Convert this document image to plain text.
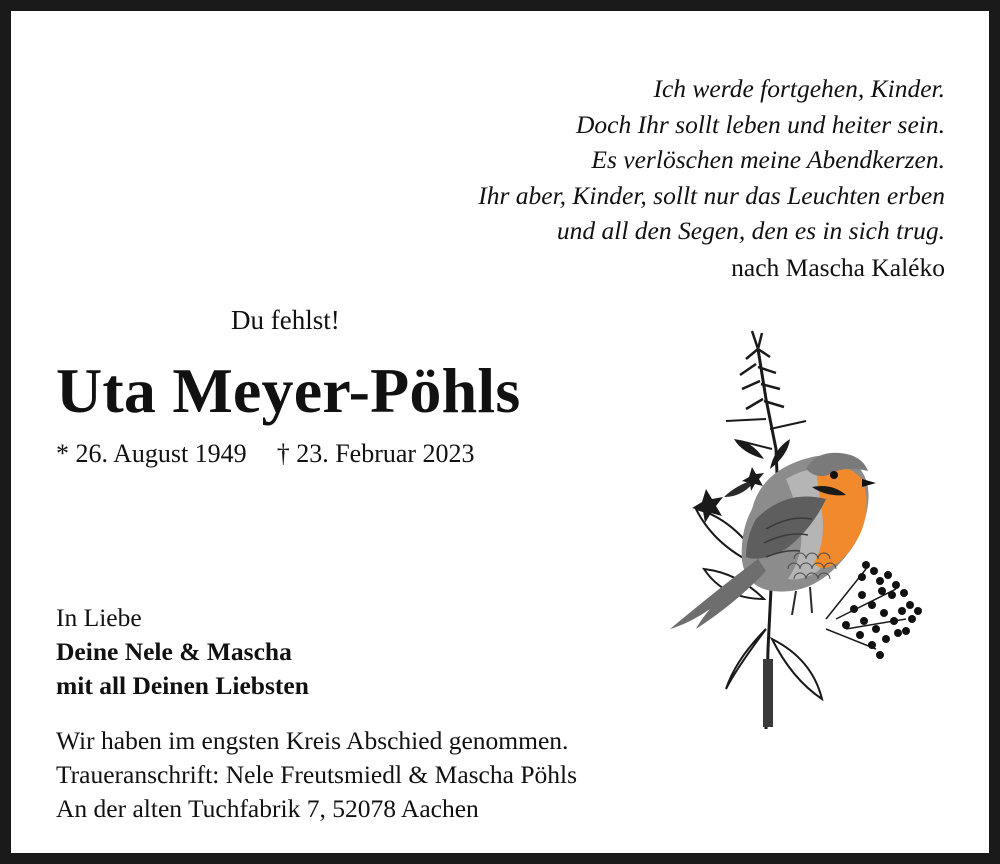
Ich werde fortgehen, Kinder.
Doch Ihr sollt leben und heiter sein.
Es verlöschen meine Abendkerzen.
Ihr aber, Kinder, sollt nur das Leuchten erben
und all den Segen, den es in sich trug.
nach Mascha Kaléko
Du fehlst!
Uta Meyer-Pöhls
* 26. August 1949 † 23. Februar 2023
In Liebe
Deine Nele & Mascha
mit all Deinen Liebsten
Wir haben im engsten Kreis Abschied genommen.
Traueranschrift: Nele Freutsmiedl & Mascha Pöhls
An der alten Tuchfabrik 7, 52078 Aachen
